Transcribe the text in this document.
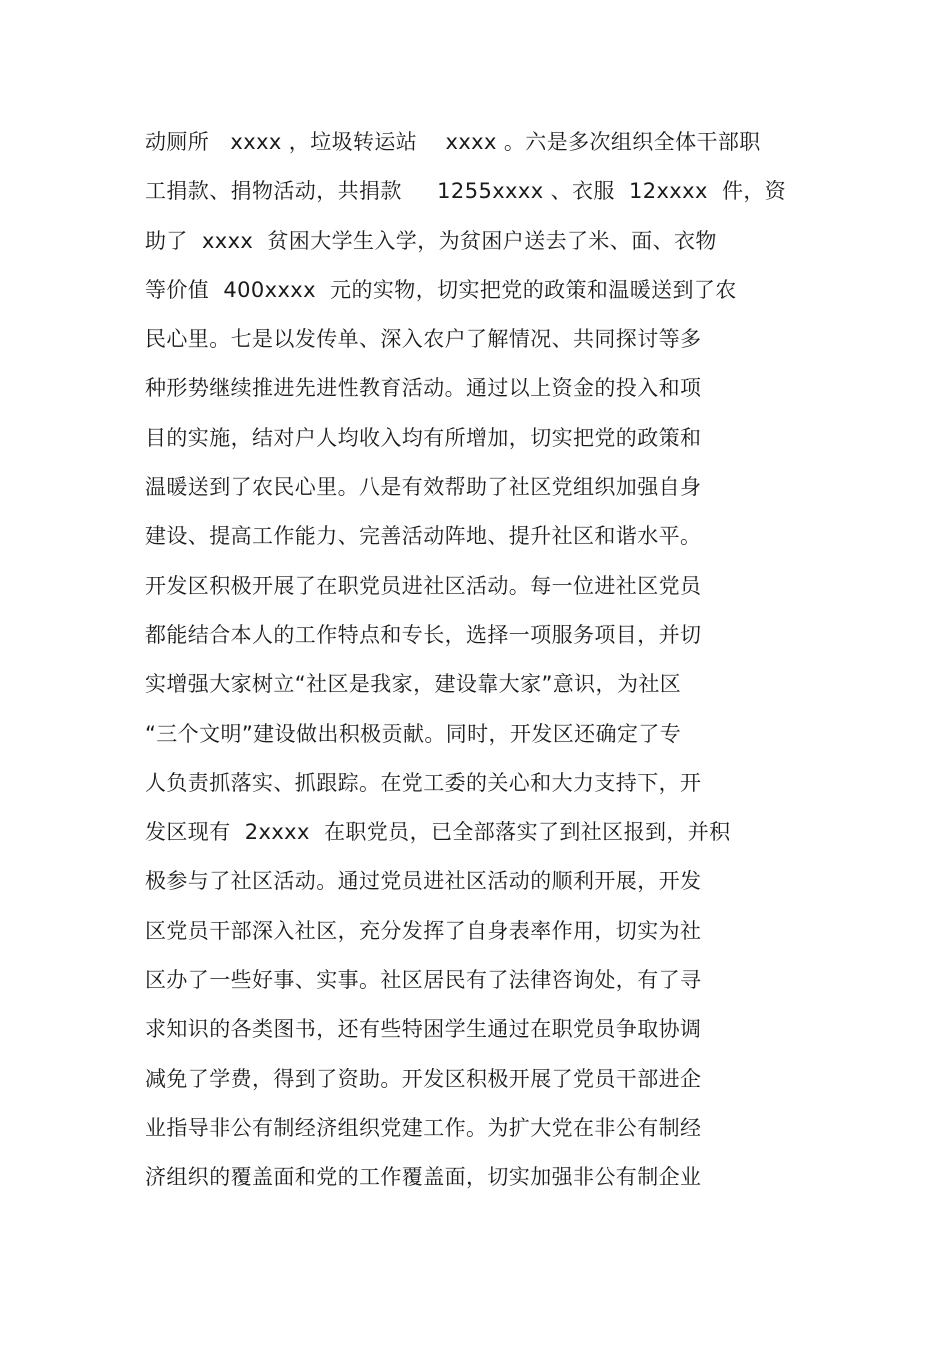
动厕所   xxxx ，垃圾转运站    xxxx 。六是多次组织全体干部职
工捐款、捐物活动，共捐款     1255xxxx 、衣服  12xxxx  件，资
助了  xxxx  贫困大学生入学，为贫困户送去了米、面、衣物
等价值  400xxxx  元的实物，切实把党的政策和温暖送到了农
民心里。七是以发传单、深入农户了解情况、共同探讨等多
种形势继续推进先进性教育活动。通过以上资金的投入和项
目的实施，结对户人均收入均有所增加，切实把党的政策和
温暖送到了农民心里。八是有效帮助了社区党组织加强自身
建设、提高工作能力、完善活动阵地、提升社区和谐水平。
开发区积极开展了在职党员进社区活动。每一位进社区党员
都能结合本人的工作特点和专长，选择一项服务项目，并切
实增强大家树立“社区是我家，建设靠大家”意识，为社区
“三个文明”建设做出积极贡献。同时，开发区还确定了专
人负责抓落实、抓跟踪。在党工委的关心和大力支持下，开
发区现有  2xxxx  在职党员，已全部落实了到社区报到，并积
极参与了社区活动。通过党员进社区活动的顺利开展，开发
区党员干部深入社区，充分发挥了自身表率作用，切实为社
区办了一些好事、实事。社区居民有了法律咨询处，有了寻
求知识的各类图书，还有些特困学生通过在职党员争取协调
减免了学费，得到了资助。开发区积极开展了党员干部进企
业指导非公有制经济组织党建工作。为扩大党在非公有制经
济组织的覆盖面和党的工作覆盖面，切实加强非公有制企业
